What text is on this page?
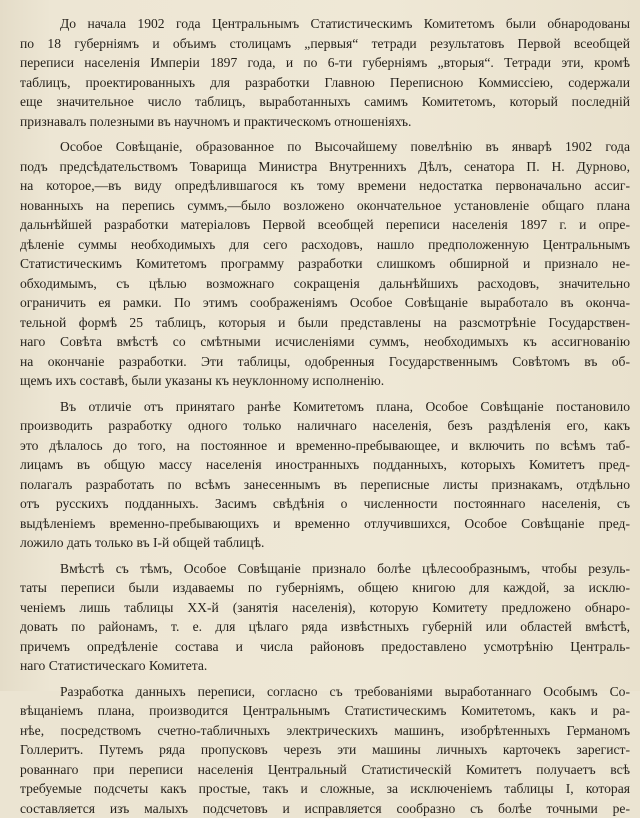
До начала 1902 года Центральнымъ Статистическимъ Комитетомъ были обнародованы
по 18 губерніямъ и объимъ столицамъ „первыя“ тетради результатовъ Первой всеобщей
переписи населенія Имперіи 1897 года, и по 6-ти губерніямъ „вторыя“. Тетради эти, кромѣ
таблицъ, проектированныхъ для разработки Главною Переписною Коммиссіею, содержали
еще значительное число таблицъ, выработанныхъ самимъ Комитетомъ, который последній
признавалъ полезными въ научномъ и практическомъ отношеніяхъ.
Особое Совѣщаніе, образованное по Высочайшему повелѣнію въ январѣ 1902 года
подъ предсѣдательствомъ Товарища Министра Внутреннихъ Дѣлъ, сенатора П. Н. Дурново,
на которое,—въ виду опредѣлившагося къ тому времени недостатка первоначально ассиг-
нованныхъ на перепись суммъ,—было возложено окончательное установленіе общаго плана
дальнѣйшей разработки матеріаловъ Первой всеобщей переписи населенія 1897 г. и опре-
дѣленіе суммы необходимыхъ для сего расходовъ, нашло предположенную Центральнымъ
Статистическимъ Комитетомъ программу разработки слишкомъ обширной и признало не-
обходимымъ, съ цѣлью возможнаго сокращенія дальнѣйшихъ расходовъ, значительно
ограничить ея рамки. По этимъ соображеніямъ Особое Совѣщаніе выработало въ оконча-
тельной формѣ 25 таблицъ, которыя и были представлены на разсмотрѣніе Государствен-
наго Совѣта вмѣстѣ со смѣтными исчисленіями суммъ, необходимыхъ къ ассигнованію
на окончаніе разработки. Эти таблицы, одобренныя Государственнымъ Совѣтомъ въ об-
щемъ ихъ составѣ, были указаны къ неуклонному исполненію.
Въ отличіе отъ принятаго ранѣе Комитетомъ плана, Особое Совѣщаніе постановило
производить разработку одного только наличнаго населенія, безъ раздѣленія его, какъ
это дѣлалось до того, на постоянное и временно-пребывающее, и включить по всѣмъ таб-
лицамъ въ общую массу населенія иностранныхъ подданныхъ, которыхъ Комитетъ пред-
полагалъ разработать по всѣмъ занесеннымъ въ переписные листы признакамъ, отдѣльно
отъ русскихъ подданныхъ. Засимъ свѣдѣнія о численности постояннаго населенія, съ
выдѣленіемъ временно-пребывающихъ и временно отлучившихся, Особое Совѣщаніе пред-
ложило дать только въ І-й общей таблицѣ.
Вмѣстѣ съ тѣмъ, Особое Совѣщаніе признало болѣе цѣлесообразнымъ, чтобы резуль-
таты переписи были издаваемы по губерніямъ, общею книгою для каждой, за исклю-
ченіемъ лишь таблицы XX-й (занятія населенія), которую Комитету предложено обнаро-
довать по районамъ, т. е. для цѣлаго ряда извѣстныхъ губерній или областей вмѣстѣ,
причемъ опредѣленіе состава и числа районовъ предоставлено усмотрѣнію Централь-
наго Статистическаго Комитета.
Разработка данныхъ переписи, согласно съ требованіями выработаннаго Особымъ Со-
вѣщаніемъ плана, производится Центральнымъ Статистическимъ Комитетомъ, какъ и ра-
нѣе, посредствомъ счетно-табличныхъ электрическихъ машинъ, изобрѣтенныхъ Германомъ
Голлеритъ. Путемъ ряда пропусковъ черезъ эти машины личныхъ карточекъ зарегист-
рованнаго при переписи населенія Центральный Статистическій Комитетъ получаетъ всѣ
требуемые подсчеты какъ простые, такъ и сложные, за исключеніемъ таблицы I, которая
составляется изъ малыхъ подсчетовъ и исправляется сообразно съ болѣе точными ре-
